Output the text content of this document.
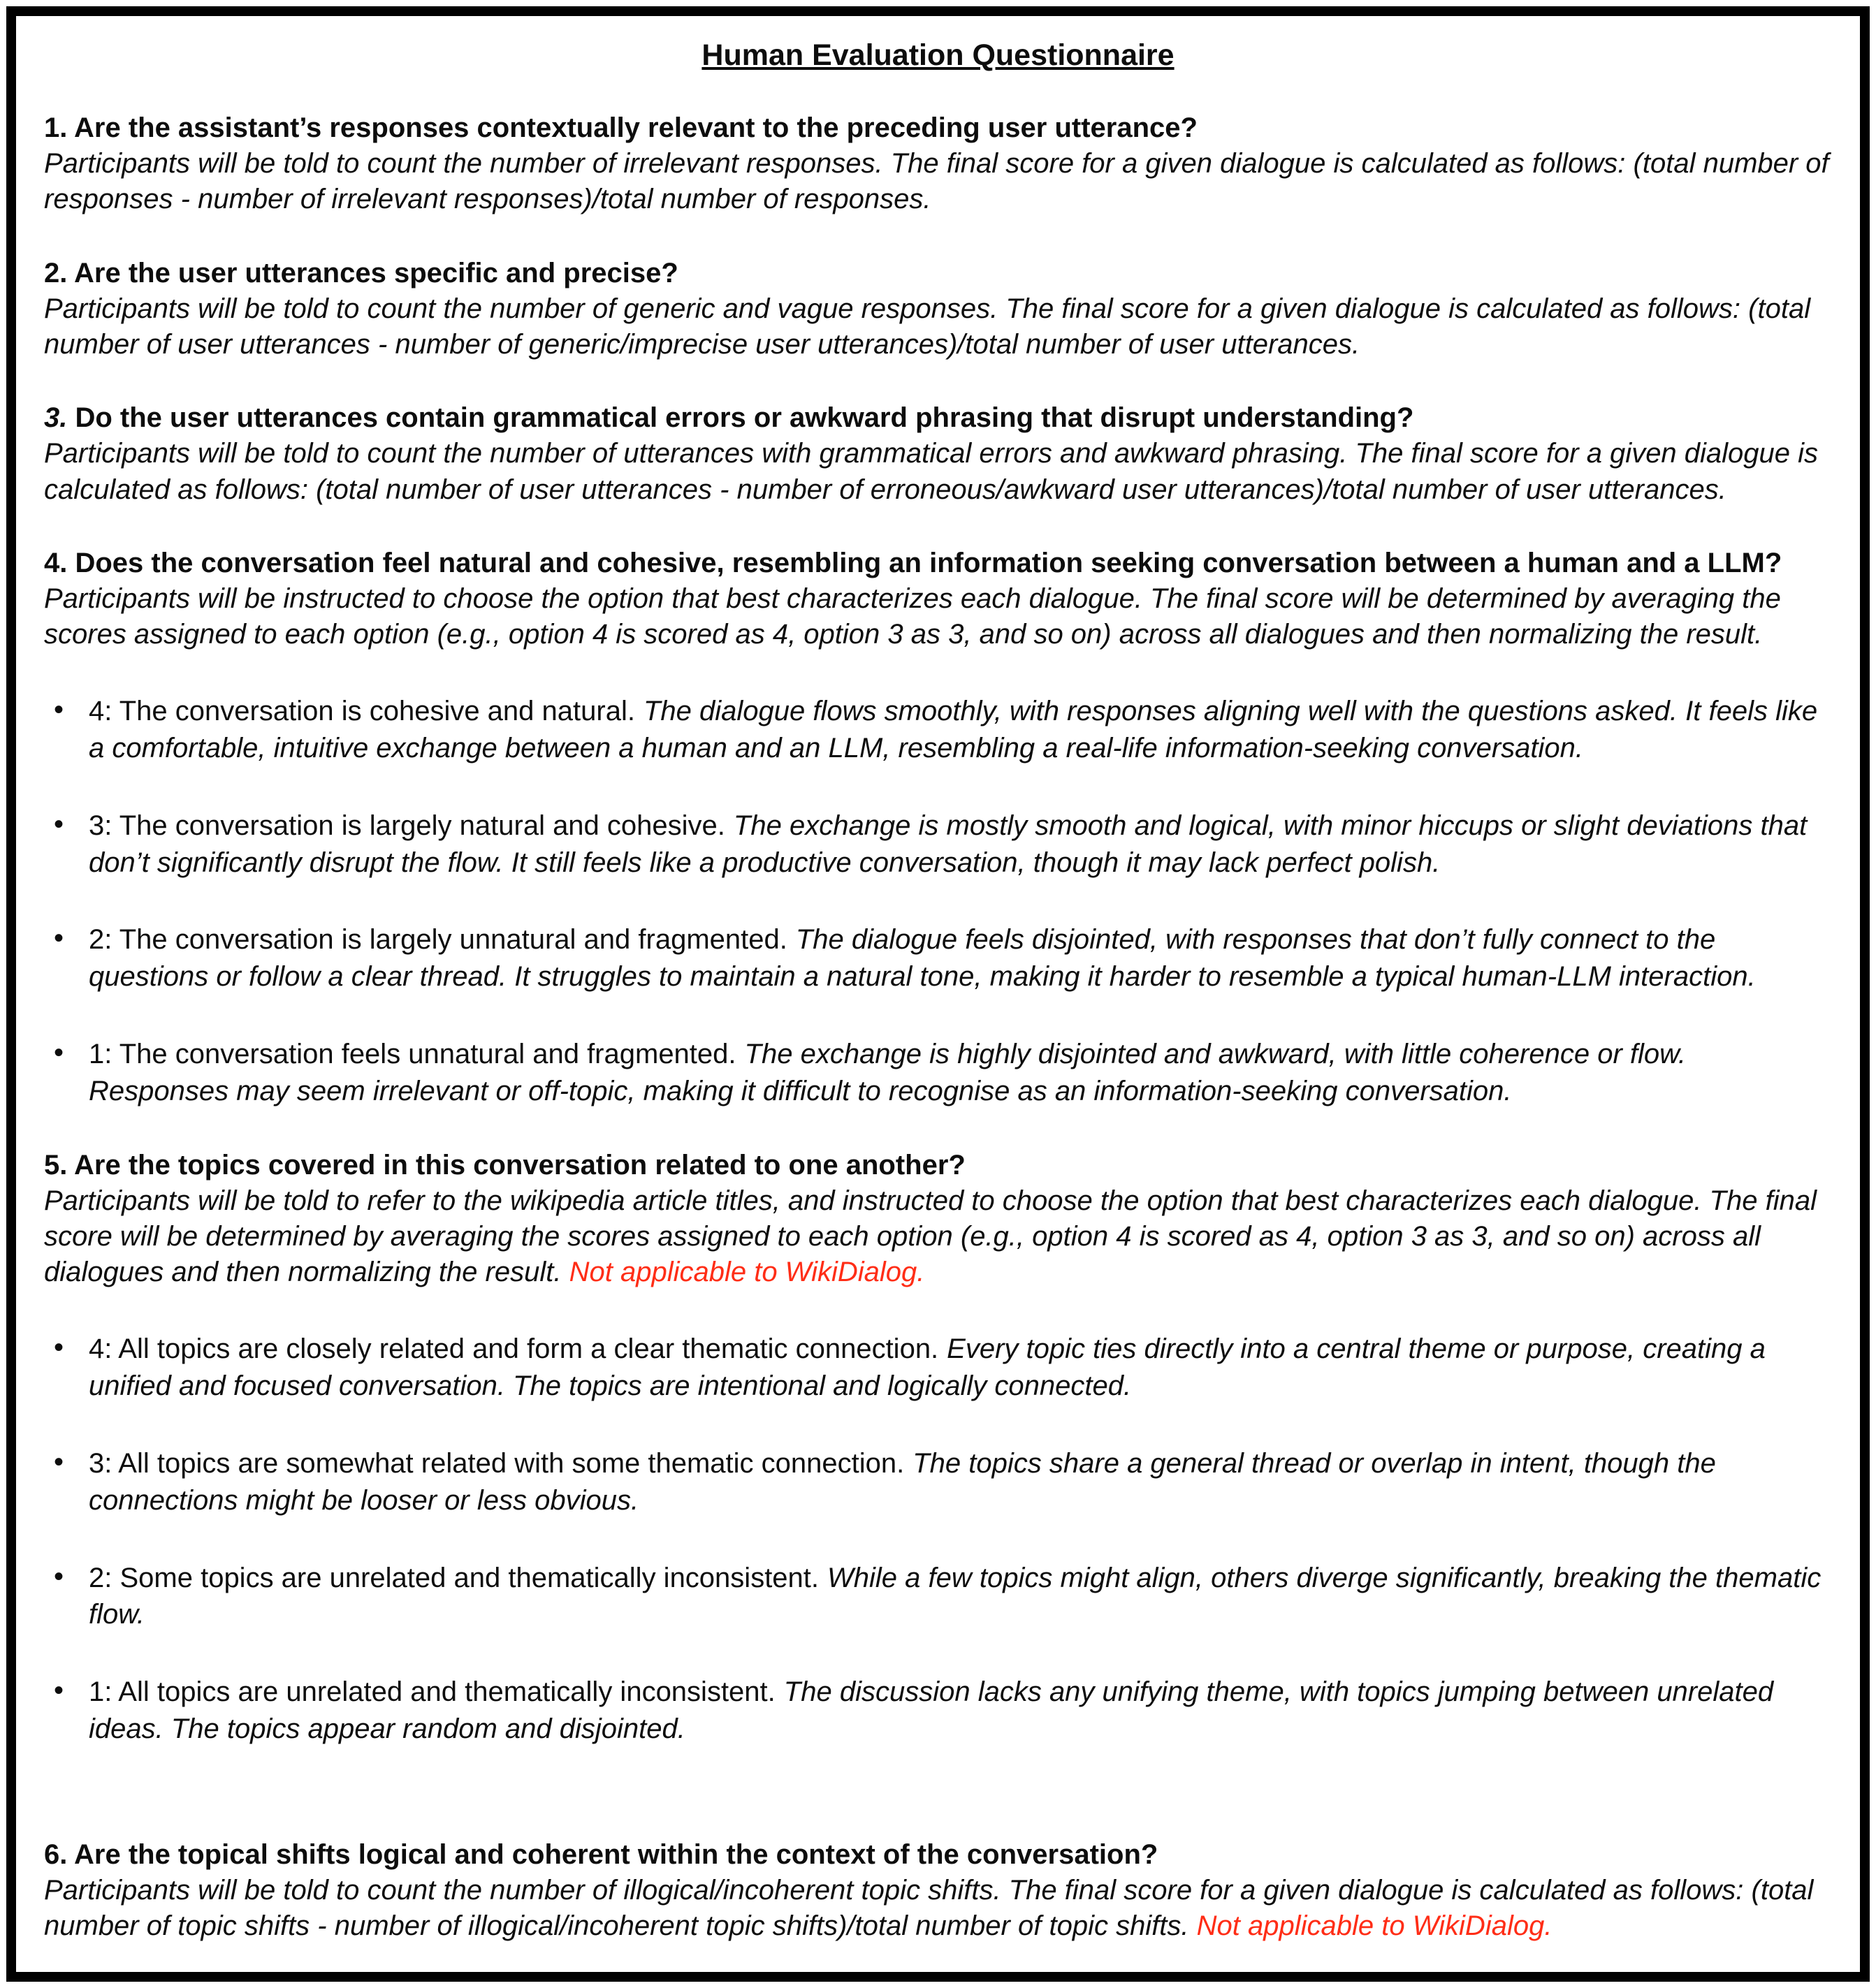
Human Evaluation Questionnaire

1. Are the assistant’s responses contextually relevant to the preceding user utterance?

Participants will be told to count the number of irrelevant responses. The final score for a given dialogue is calculated as follows: (total number of responses - number of irrelevant responses)/total number of responses.

2. Are the user utterances specific and precise?

Participants will be told to count the number of generic and vague responses. The final score for a given dialogue is calculated as follows: (total number of user utterances - number of generic/imprecise user utterances)/total number of user utterances.

3. Do the user utterances contain grammatical errors or awkward phrasing that disrupt understanding?

Participants will be told to count the number of utterances with grammatical errors and awkward phrasing. The final score for a given dialogue is calculated as follows: (total number of user utterances - number of erroneous/awkward user utterances)/total number of user utterances.

4. Does the conversation feel natural and cohesive, resembling an information seeking conversation between a human and a LLM?

Participants will be instructed to choose the option that best characterizes each dialogue. The final score will be determined by averaging the scores assigned to each option (e.g., option 4 is scored as 4, option 3 as 3, and so on) across all dialogues and then normalizing the result.

• 4: The conversation is cohesive and natural. The dialogue flows smoothly, with responses aligning well with the questions asked. It feels like a comfortable, intuitive exchange between a human and an LLM, resembling a real-life information-seeking conversation.
• 3: The conversation is largely natural and cohesive. The exchange is mostly smooth and logical, with minor hiccups or slight deviations that don’t significantly disrupt the flow. It still feels like a productive conversation, though it may lack perfect polish.
• 2: The conversation is largely unnatural and fragmented. The dialogue feels disjointed, with responses that don’t fully connect to the questions or follow a clear thread. It struggles to maintain a natural tone, making it harder to resemble a typical human-LLM interaction.
• 1: The conversation feels unnatural and fragmented. The exchange is highly disjointed and awkward, with little coherence or flow. Responses may seem irrelevant or off-topic, making it difficult to recognise as an information-seeking conversation.

5. Are the topics covered in this conversation related to one another?

Participants will be told to refer to the wikipedia article titles, and instructed to choose the option that best characterizes each dialogue. The final score will be determined by averaging the scores assigned to each option (e.g., option 4 is scored as 4, option 3 as 3, and so on) across all dialogues and then normalizing the result. Not applicable to WikiDialog.

• 4: All topics are closely related and form a clear thematic connection. Every topic ties directly into a central theme or purpose, creating a unified and focused conversation. The topics are intentional and logically connected.
• 3: All topics are somewhat related with some thematic connection. The topics share a general thread or overlap in intent, though the connections might be looser or less obvious.
• 2: Some topics are unrelated and thematically inconsistent. While a few topics might align, others diverge significantly, breaking the thematic flow.
• 1: All topics are unrelated and thematically inconsistent. The discussion lacks any unifying theme, with topics jumping between unrelated ideas. The topics appear random and disjointed.

6. Are the topical shifts logical and coherent within the context of the conversation?

Participants will be told to count the number of illogical/incoherent topic shifts. The final score for a given dialogue is calculated as follows: (total number of topic shifts - number of illogical/incoherent topic shifts)/total number of topic shifts. Not applicable to WikiDialog.
